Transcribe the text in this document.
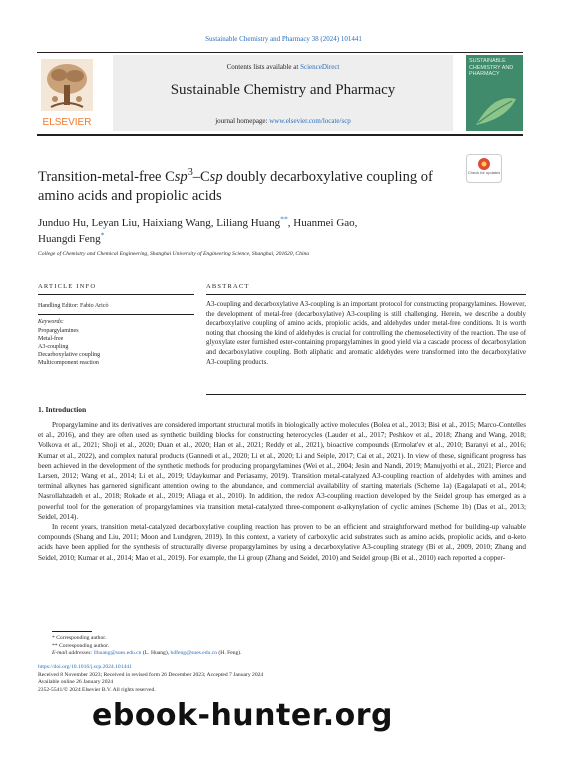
Sustainable Chemistry and Pharmacy 38 (2024) 101441
Contents lists available at ScienceDirect
Sustainable Chemistry and Pharmacy
journal homepage: www.elsevier.com/locate/scp
ELSEVIER
SUSTAINABLE CHEMISTRY AND PHARMACY
Transition-metal-free Csp$^3$–Csp doubly decarboxylative coupling of
amino acids and propiolic acids
Check for updates
Junduo Hu, Leyan Liu, Haixiang Wang, Liliang Huang**, Huanmei Gao,
Huangdi Feng*
College of Chemistry and Chemical Engineering, Shanghai University of Engineering Science, Shanghai, 201620, China
ARTICLE INFO	ABSTRACT
Handling Editor: Fabio Aricò
Keywords:
Propargylamines
Metal-free
A3-coupling
Decarboxylative coupling
Multicomponent reaction
A3-coupling and decarboxylative A3-coupling is an important protocol for constructing propargylamines. However, the development of metal-free (decarboxylative) A3-coupling is still challenging. Herein, we describe a doubly decarboxylative coupling of amino acids, propiolic acids, and aldehydes under metal-free conditions. It is worth noting that choosing the kind of aldehydes is crucial for controlling the chemoselectivity of the reaction. The use of glyoxylate ester furnished ester-containing propargylamines in good yield via a cascade process of decarboxylation and decarboxylative coupling. Both aliphatic and aromatic aldehydes were transformed into the decarboxylative A3-coupling products.
1. Introduction

Propargylamine and its derivatives are considered important structural motifs in biologically active molecules (Bolea et al., 2013; Bisi et al., 2015; Marco-Contelles et al., 2016), and they are often used as synthetic building blocks for constructing heterocycles (Lauder et al., 2017; Peshkov et al., 2018; Zhang and Wang, 2018; Volkova et al., 2021; Shoji et al., 2020; Duan et al., 2020; Han et al., 2021; Reddy et al., 2021), bioactive compounds (Ermolat'ev et al., 2010; Baranyi et al., 2016; Kumar et al., 2022), and complex natural products (Gannedi et al., 2020; Li et al., 2020; Li and Seiple, 2017; Cai et al., 2021). In view of these, significant progress has been achieved in the development of the synthetic methods for producing propargylamines (Wei et al., 2004; Jesin and Nandi, 2019; Manujyothi et al., 2021; Pierce and Larsen, 2012; Wang et al., 2014; Li et al., 2019; Udaykumar and Periasamy, 2019). Transition metal-catalyzed A3-coupling reaction of aldehydes with amines and terminal alkynes has garnered significant attention owing to the abundance, and commercial availability of starting materials (Scheme 1a) (Eagalapati et al., 2014; Nasrollahzadeh et al., 2018; Rokade et al., 2019; Aliaga et al., 2010). In addition, the redox A3-coupling reaction developed by the Seidel group has emerged as a powerful tool for the generation of propargylamines via transition metal-catalyzed three-component α-alkynylation of cyclic amines (Scheme 1b) (Das et al., 2013; Seidel, 2014).

In recent years, transition metal-catalyzed decarboxylative coupling reaction has proven to be an efficient and straightforward method for building-up valuable compounds (Shang and Liu, 2011; Moon and Lundgren, 2019). In this context, a variety of carboxylic acid substrates such as amino acids, propiolic acids, and α-keto acids have been applied for the synthesis of structurally diverse propargylamines by using a decarboxylative A3-coupling strategy (Bi et al., 2009, 2010; Zhang and Seidel, 2010; Kumar et al., 2014; Mao et al., 2019). For example, the Li group (Zhang and Seidel, 2010) and Seidel group (Bi et al., 2010) each reported a copper-

* Corresponding author.
** Corresponding author.
E-mail addresses: llhuang@sues.edu.cn (L. Huang), hdfeng@sues.edu.cn (H. Feng).
https://doi.org/10.1016/j.scp.2024.101441
Received 8 November 2023; Received in revised form 26 December 2023; Accepted 7 January 2024
Available online 26 January 2024
2352-5541/© 2024 Elsevier B.V. All rights reserved.
ebook-hunter.org
